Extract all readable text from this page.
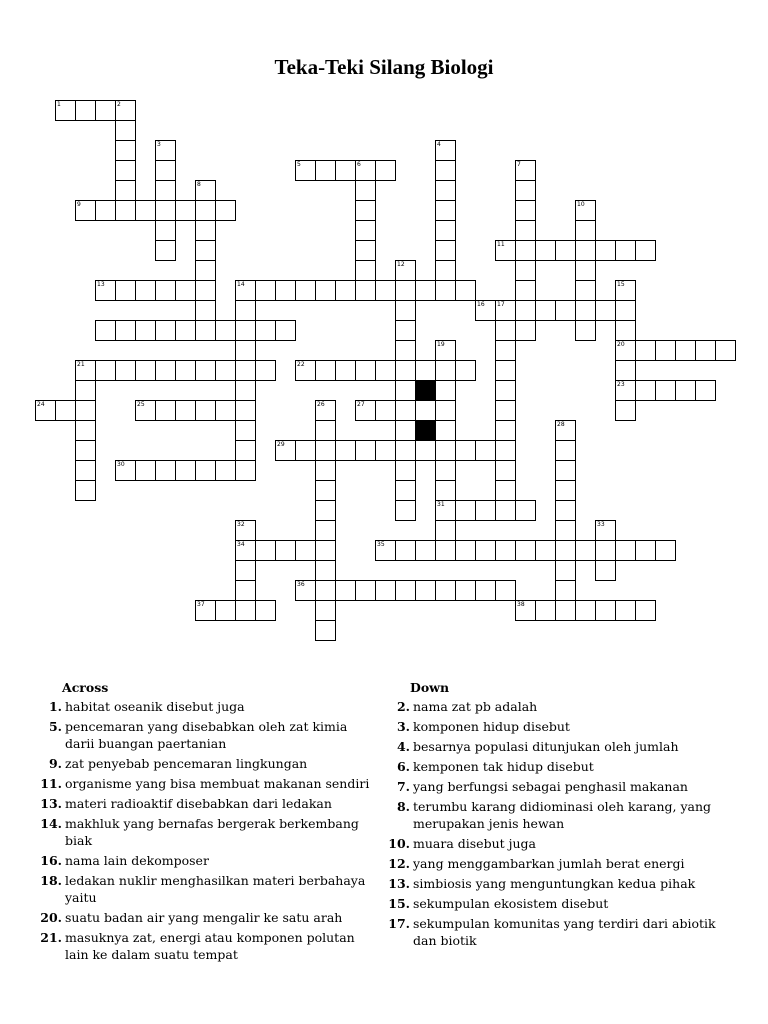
Teka-Teki Silang Biologi
1	2
3	4
5	6	7
8
9	10
11
12
13	14	15
20
23
16 17
19
31
21	22
24	25	26	27
28
29
30
32
34
33
35
36
37	38
Across
1. habitat oseanik disebut juga
5. pencemaran yang disebabkan oleh zat kimia darii buangan paertanian
9. zat penyebab pencemaran lingkungan
11. organisme yang bisa membuat makanan sendiri
13. materi radioaktif disebabkan dari ledakan
14. makhluk yang bernafas bergerak berkembang biak
16. nama lain dekomposer
18. ledakan nuklir menghasilkan materi berbahaya yaitu
20. suatu badan air yang mengalir ke satu arah
21. masuknya zat, energi atau komponen polutan lain ke dalam suatu tempat
Down
2. nama zat pb adalah
3. komponen hidup disebut
4. besarnya populasi ditunjukan oleh jumlah
6. kemponen tak hidup disebut
7. yang berfungsi sebagai penghasil makanan
8. terumbu karang didiominasi oleh karang, yang merupakan jenis hewan
10. muara disebut juga
12. yang menggambarkan jumlah berat energi
13. simbiosis yang menguntungkan kedua pihak
15. sekumpulan ekosistem disebut
17. sekumpulan komunitas yang terdiri dari abiotik dan biotik
